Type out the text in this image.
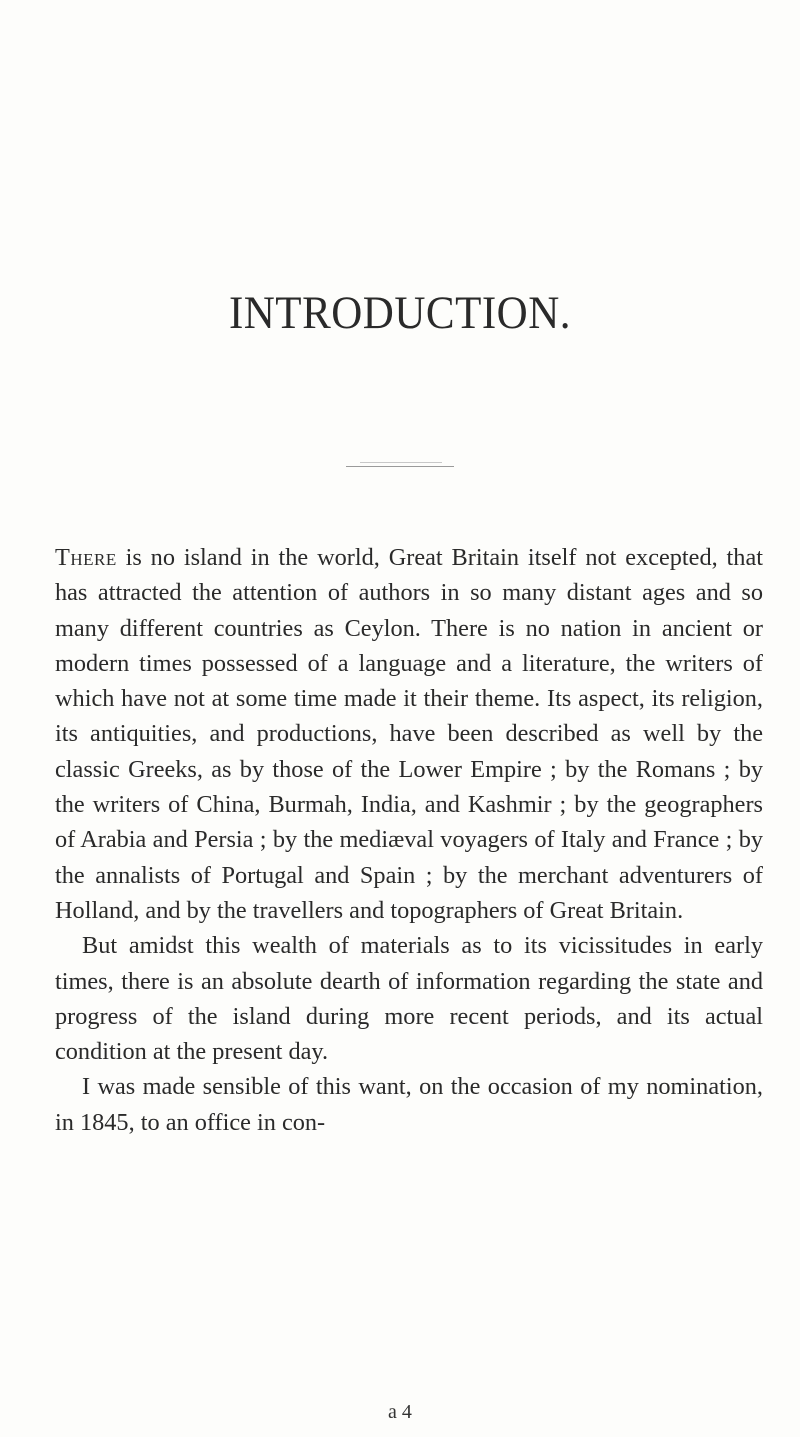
INTRODUCTION.

There is no island in the world, Great Britain itself not excepted, that has attracted the attention of authors in so many distant ages and so many different countries as Ceylon. There is no nation in ancient or modern times possessed of a language and a literature, the writers of which have not at some time made it their theme. Its aspect, its religion, its antiquities, and productions, have been described as well by the classic Greeks, as by those of the Lower Empire ; by the Romans ; by the writers of China, Burmah, India, and Kashmir ; by the geographers of Arabia and Persia ; by the mediæval voyagers of Italy and France ; by the annalists of Portugal and Spain ; by the merchant adventurers of Holland, and by the travellers and topographers of Great Britain.

But amidst this wealth of materials as to its vicissitudes in early times, there is an absolute dearth of information regarding the state and progress of the island during more recent periods, and its actual condition at the present day.

I was made sensible of this want, on the occasion of my nomination, in 1845, to an office in con-

a 4
